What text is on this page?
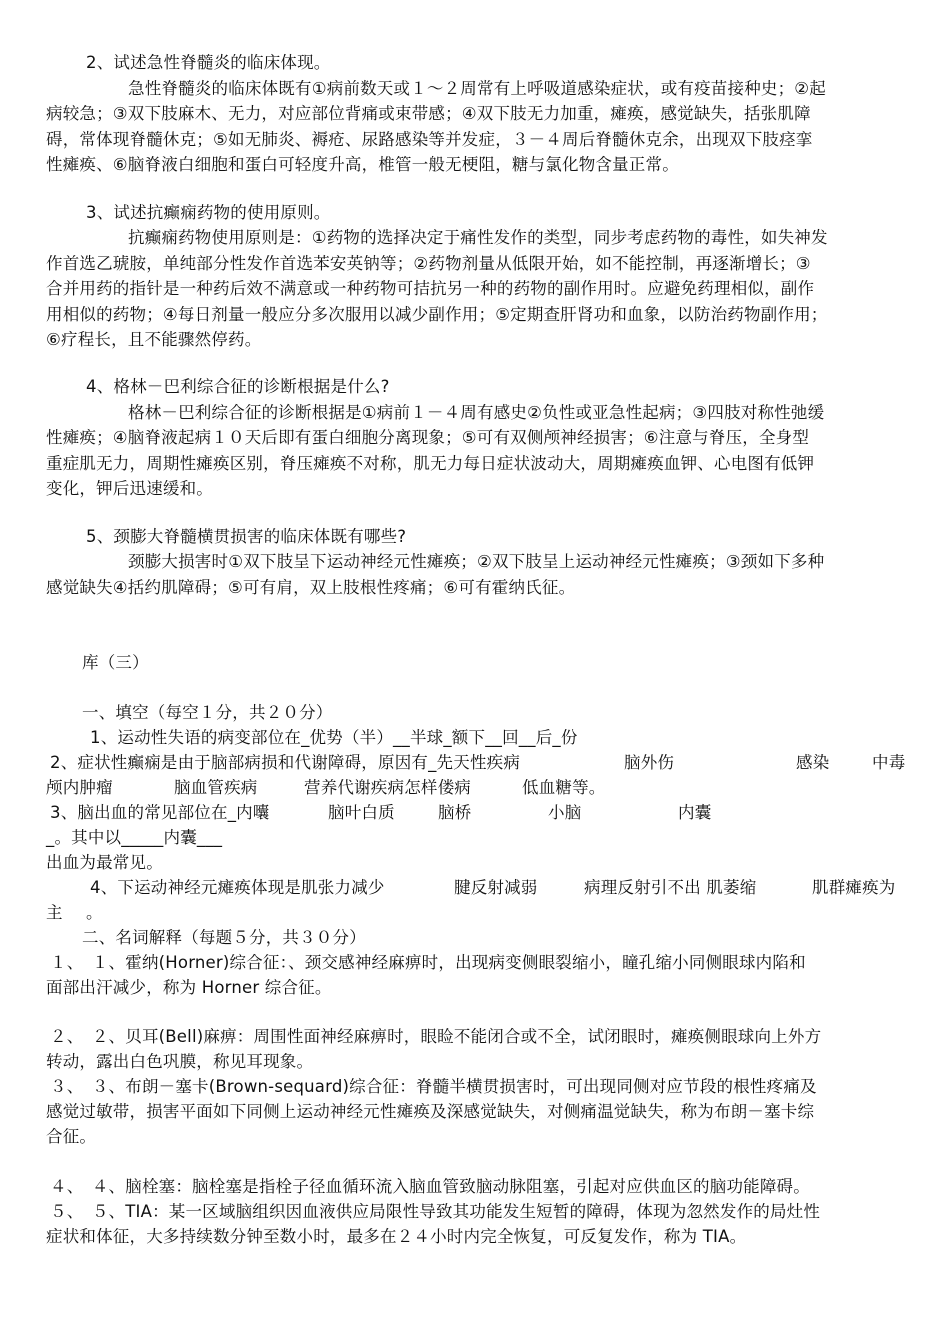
2、试述急性脊髓炎的临床体现。
急性脊髓炎的临床体既有①病前数天或１～２周常有上呼吸道感染症状，或有疫苗接种史；②起
病较急；③双下肢麻木、无力，对应部位背痛或束带感；④双下肢无力加重，瘫痪，感觉缺失，括张肌障
碍，常体现脊髓休克；⑤如无肺炎、褥疮、尿路感染等并发症，３－４周后脊髓休克余，出现双下肢痉挛
性瘫痪、⑥脑脊液白细胞和蛋白可轻度升高，椎管一般无梗阻，糖与氯化物含量正常。
3、试述抗癫痫药物的使用原则。
抗癫痫药物使用原则是：①药物的选择决定于痛性发作的类型，同步考虑药物的毒性，如失神发
作首选乙琥胺，单纯部分性发作首选苯安英钠等；②药物剂量从低限开始，如不能控制，再逐渐增长；③
合并用药的指针是一种药后效不满意或一种药物可拮抗另一种的药物的副作用时。应避免药理相似，副作
用相似的药物；④每日剂量一般应分多次服用以减少副作用；⑤定期查肝肾功和血象，以防治药物副作用；
⑥疗程长，且不能骤然停药。
4、格林－巴利综合征的诊断根据是什么?
格林－巴利综合征的诊断根据是①病前１－４周有感史②负性或亚急性起病；③四肢对称性弛缓
性瘫痪；④脑脊液起病１０天后即有蛋白细胞分离现象；⑤可有双侧颅神经损害；⑥注意与脊压，全身型
重症肌无力，周期性瘫痪区别，脊压瘫痪不对称，肌无力每日症状波动大，周期瘫痪血钾、心电图有低钾
变化，钾后迅速缓和。
5、颈膨大脊髓横贯损害的临床体既有哪些?
颈膨大损害时①双下肢呈下运动神经元性瘫痪；②双下肢呈上运动神经元性瘫痪；③颈如下多种
感觉缺失④括约肌障碍；⑤可有肩，双上肢根性疼痛；⑥可有霍纳氏征。
库（三）
一、填空（每空１分，共２０分）
1、运动性失语的病变部位在_优势（半）__半球_额下__回__后_份
2、症状性癫痫是由于脑部病损和代谢障碍，原因有_先天性疾病	脑外伤	感染	中毒
颅内肿瘤	脑血管疾病	营养代谢疾病怎样偻病	低血糖等。
3、脑出血的常见部位在_内囔	脑叶白质	脑桥	小脑	内囊
_。其中以_____内囊___
出血为最常见。
4、下运动神经元瘫痪体现是肌张力减少	腱反射减弱	病理反射引不出 肌萎缩	肌群瘫痪为
主 。
二、名词解释（每题５分，共３０分）
１、　１、霍纳(Horner)综合征：、颈交感神经麻痹时，出现病变侧眼裂缩小，瞳孔缩小同侧眼球内陷和
面部出汗减少，称为 Horner 综合征。
２、　２、贝耳(Bell)麻痹：周围性面神经麻痹时，眼睑不能闭合或不全，试闭眼时，瘫痪侧眼球向上外方
转动，露出白色巩膜，称见耳现象。
３、　３、布朗－塞卡(Brown-sequard)综合征：脊髓半横贯损害时，可出现同侧对应节段的根性疼痛及
感觉过敏带，损害平面如下同侧上运动神经元性瘫痪及深感觉缺失，对侧痛温觉缺失，称为布朗－塞卡综
合征。
４、　４、脑栓塞：脑栓塞是指栓子径血循环流入脑血管致脑动脉阻塞，引起对应供血区的脑功能障碍。
５、　５、TIA：某一区域脑组织因血液供应局限性导致其功能发生短暂的障碍，体现为忽然发作的局灶性
症状和体征，大多持续数分钟至数小时，最多在２４小时内完全恢复，可反复发作，称为 TIA。
